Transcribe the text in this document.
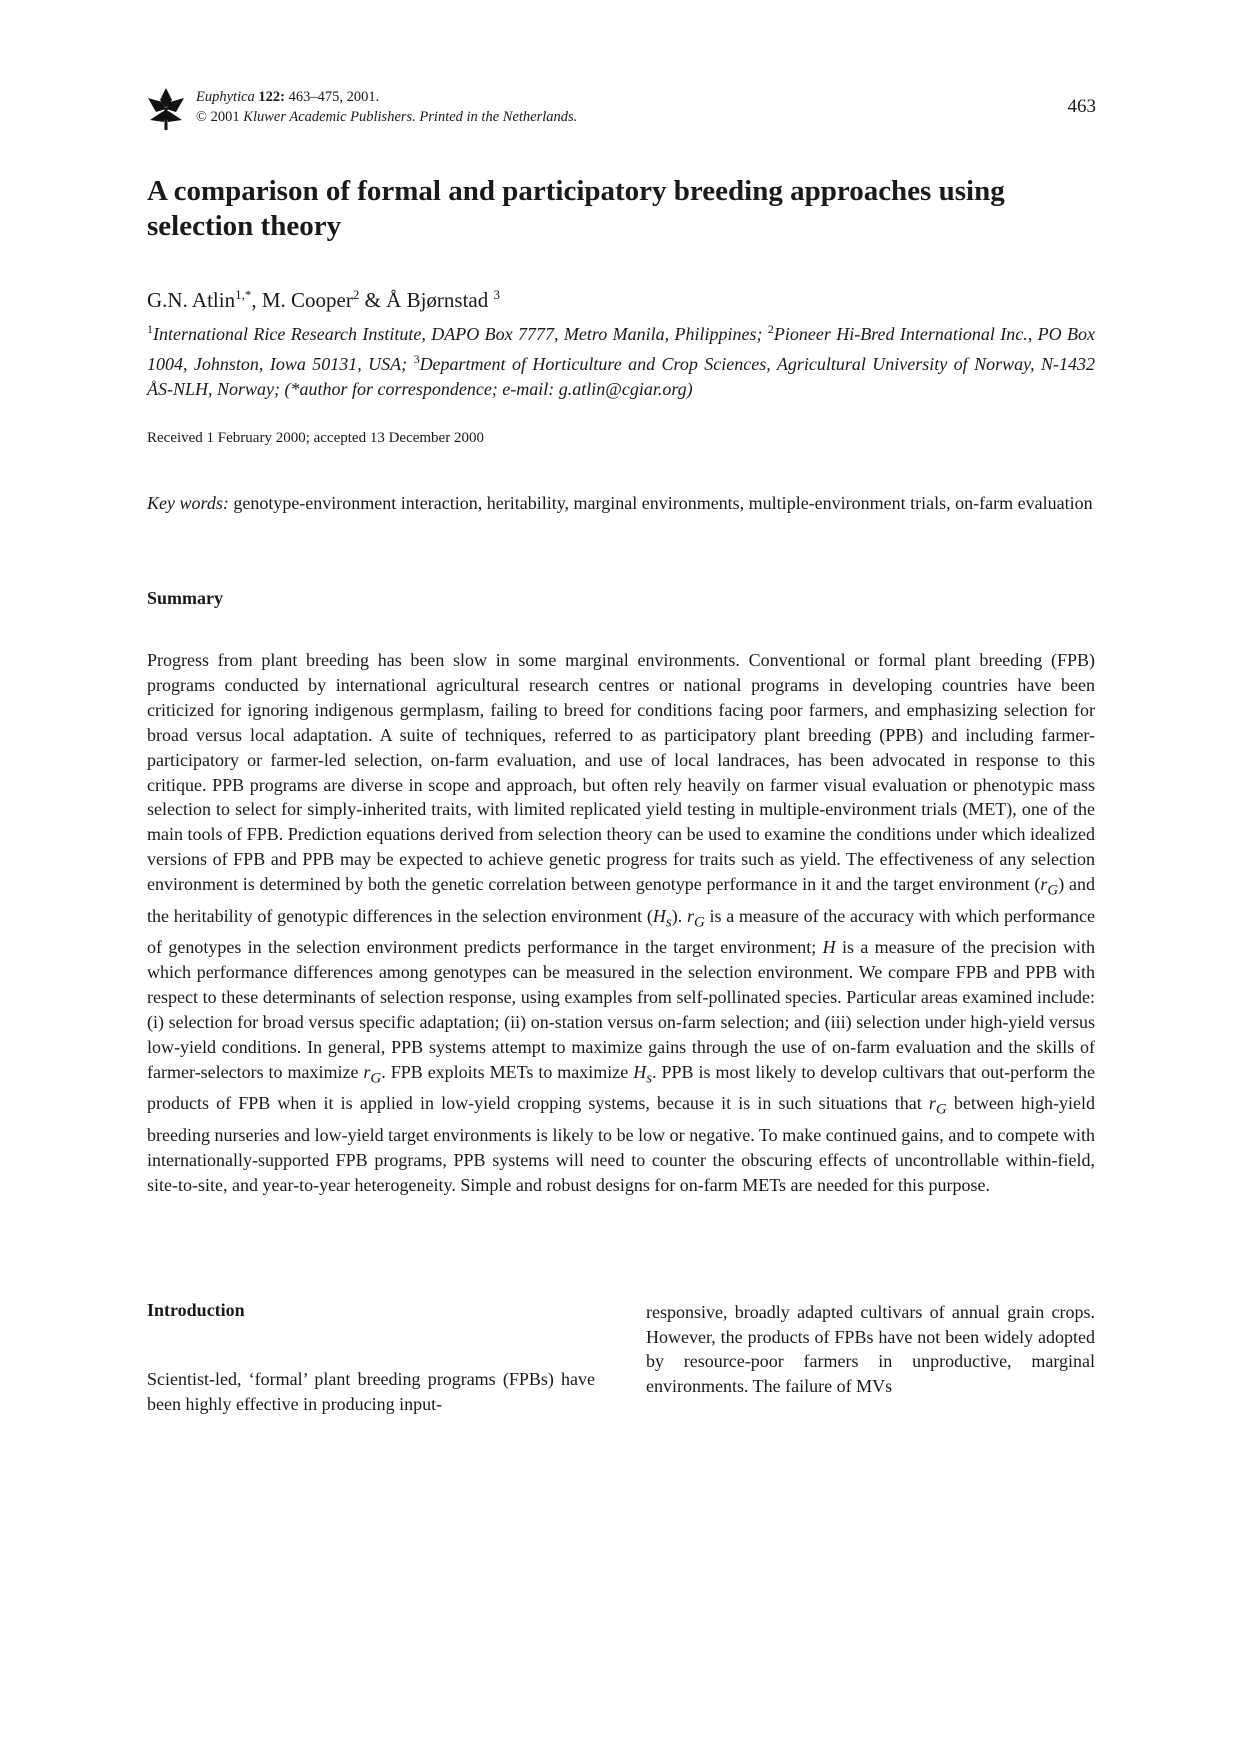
Euphytica 122: 463–475, 2001.
© 2001 Kluwer Academic Publishers. Printed in the Netherlands.	463
A comparison of formal and participatory breeding approaches using selection theory
G.N. Atlin$^{1,*}$, M. Cooper$^2$ & Å Bjørnstad $^3$

$^1$International Rice Research Institute, DAPO Box 7777, Metro Manila, Philippines; $^2$Pioneer Hi-Bred International Inc., PO Box 1004, Johnston, Iowa 50131, USA; $^3$Department of Horticulture and Crop Sciences, Agricultural University of Norway, N-1432 ÅS-NLH, Norway; (*author for correspondence; e-mail: g.atlin@cgiar.org)

Received 1 February 2000; accepted 13 December 2000

Key words: genotype-environment interaction, heritability, marginal environments, multiple-environment trials, on-farm evaluation

Summary

Progress from plant breeding has been slow in some marginal environments. Conventional or formal plant breeding (FPB) programs conducted by international agricultural research centres or national programs in developing countries have been criticized for ignoring indigenous germplasm, failing to breed for conditions facing poor farmers, and emphasizing selection for broad versus local adaptation. A suite of techniques, referred to as participatory plant breeding (PPB) and including farmer-participatory or farmer-led selection, on-farm evaluation, and use of local landraces, has been advocated in response to this critique. PPB programs are diverse in scope and approach, but often rely heavily on farmer visual evaluation or phenotypic mass selection to select for simply-inherited traits, with limited replicated yield testing in multiple-environment trials (MET), one of the main tools of FPB. Prediction equations derived from selection theory can be used to examine the conditions under which idealized versions of FPB and PPB may be expected to achieve genetic progress for traits such as yield. The effectiveness of any selection environment is determined by both the genetic correlation between genotype performance in it and the target environment $(r_G)$ and the heritability of genotypic differences in the selection environment $(H_s)$. $r_G$ is a measure of the accuracy with which performance of genotypes in the selection environment predicts performance in the target environment; H is a measure of the precision with which performance differences among genotypes can be measured in the selection environment. We compare FPB and PPB with respect to these determinants of selection response, using examples from self-pollinated species. Particular areas examined include: (i) selection for broad versus specific adaptation; (ii) on-station versus on-farm selection; and (iii) selection under high-yield versus low-yield conditions. In general, PPB systems attempt to maximize gains through the use of on-farm evaluation and the skills of farmer-selectors to maximize $r_G$. FPB exploits METs to maximize $H_s$. PPB is most likely to develop cultivars that out-perform the products of FPB when it is applied in low-yield cropping systems, because it is in such situations that $r_G$ between high-yield breeding nurseries and low-yield target environments is likely to be low or negative. To make continued gains, and to compete with internationally-supported FPB programs, PPB systems will need to counter the obscuring effects of uncontrollable within-field, site-to-site, and year-to-year heterogeneity. Simple and robust designs for on-farm METs are needed for this purpose.

Introduction

Scientist-led, ‘formal’ plant breeding programs (FPBs) have been highly effective in producing input-

responsive, broadly adapted cultivars of annual grain crops. However, the products of FPBs have not been widely adopted by resource-poor farmers in unproductive, marginal environments. The failure of MVs
